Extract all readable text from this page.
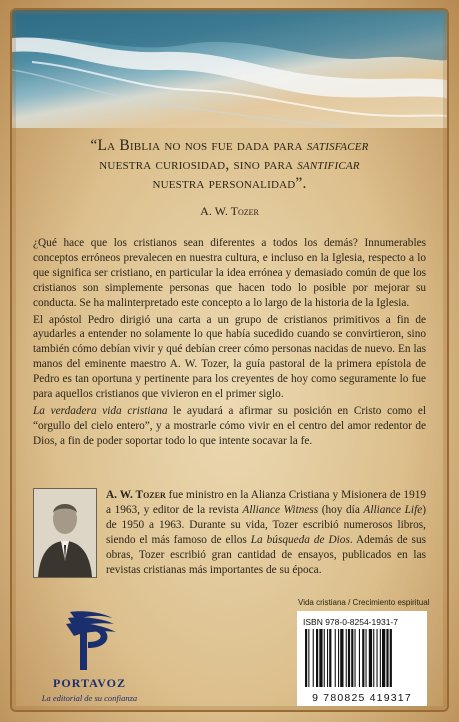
“La Biblia no nos fue dada para satisfacer
nuestra curiosidad, sino para santificar
nuestra personalidad”.
A. W. Tozer

¿Qué hace que los cristianos sean diferentes a todos los demás? Innumerables conceptos erróneos prevalecen en nuestra cultura, e incluso en la Iglesia, respecto a lo que significa ser cristiano, en particular la idea errónea y demasiado común de que los cristianos son simplemente personas que hacen todo lo posible por mejorar su conducta. Se ha malinterpretado este concepto a lo largo de la historia de la Iglesia.

El apóstol Pedro dirigió una carta a un grupo de cristianos primitivos a fin de ayudarles a entender no solamente lo que había sucedido cuando se convirtieron, sino también cómo debían vivir y qué debían creer cómo personas nacidas de nuevo. En las manos del eminente maestro A. W. Tozer, la guía pastoral de la primera epístola de Pedro es tan oportuna y pertinente para los creyentes de hoy como seguramente lo fue para aquellos cristianos que vivieron en el primer siglo.

La verdadera vida cristiana le ayudará a afirmar su posición en Cristo como el “orgullo del cielo entero”, y a mostrarle cómo vivir en el centro del amor redentor de Dios, a fin de poder soportar todo lo que intente socavar la fe.

A. W. Tozer fue ministro en la Alianza Cristiana y Misionera de 1919 a 1963, y editor de la revista Alliance Witness (hoy día Alliance Life) de 1950 a 1963. Durante su vida, Tozer escribió numerosos libros, siendo el más famoso de ellos La búsqueda de Dios. Además de sus obras, Tozer escribió gran cantidad de ensayos, publicados en las revistas cristianas más importantes de su época.
Vida cristiana / Crecimiento espiritual
PORTAVOZ
La editorial de su confianza
ISBN 978-0-8254-1931-7
9 780825 419317
